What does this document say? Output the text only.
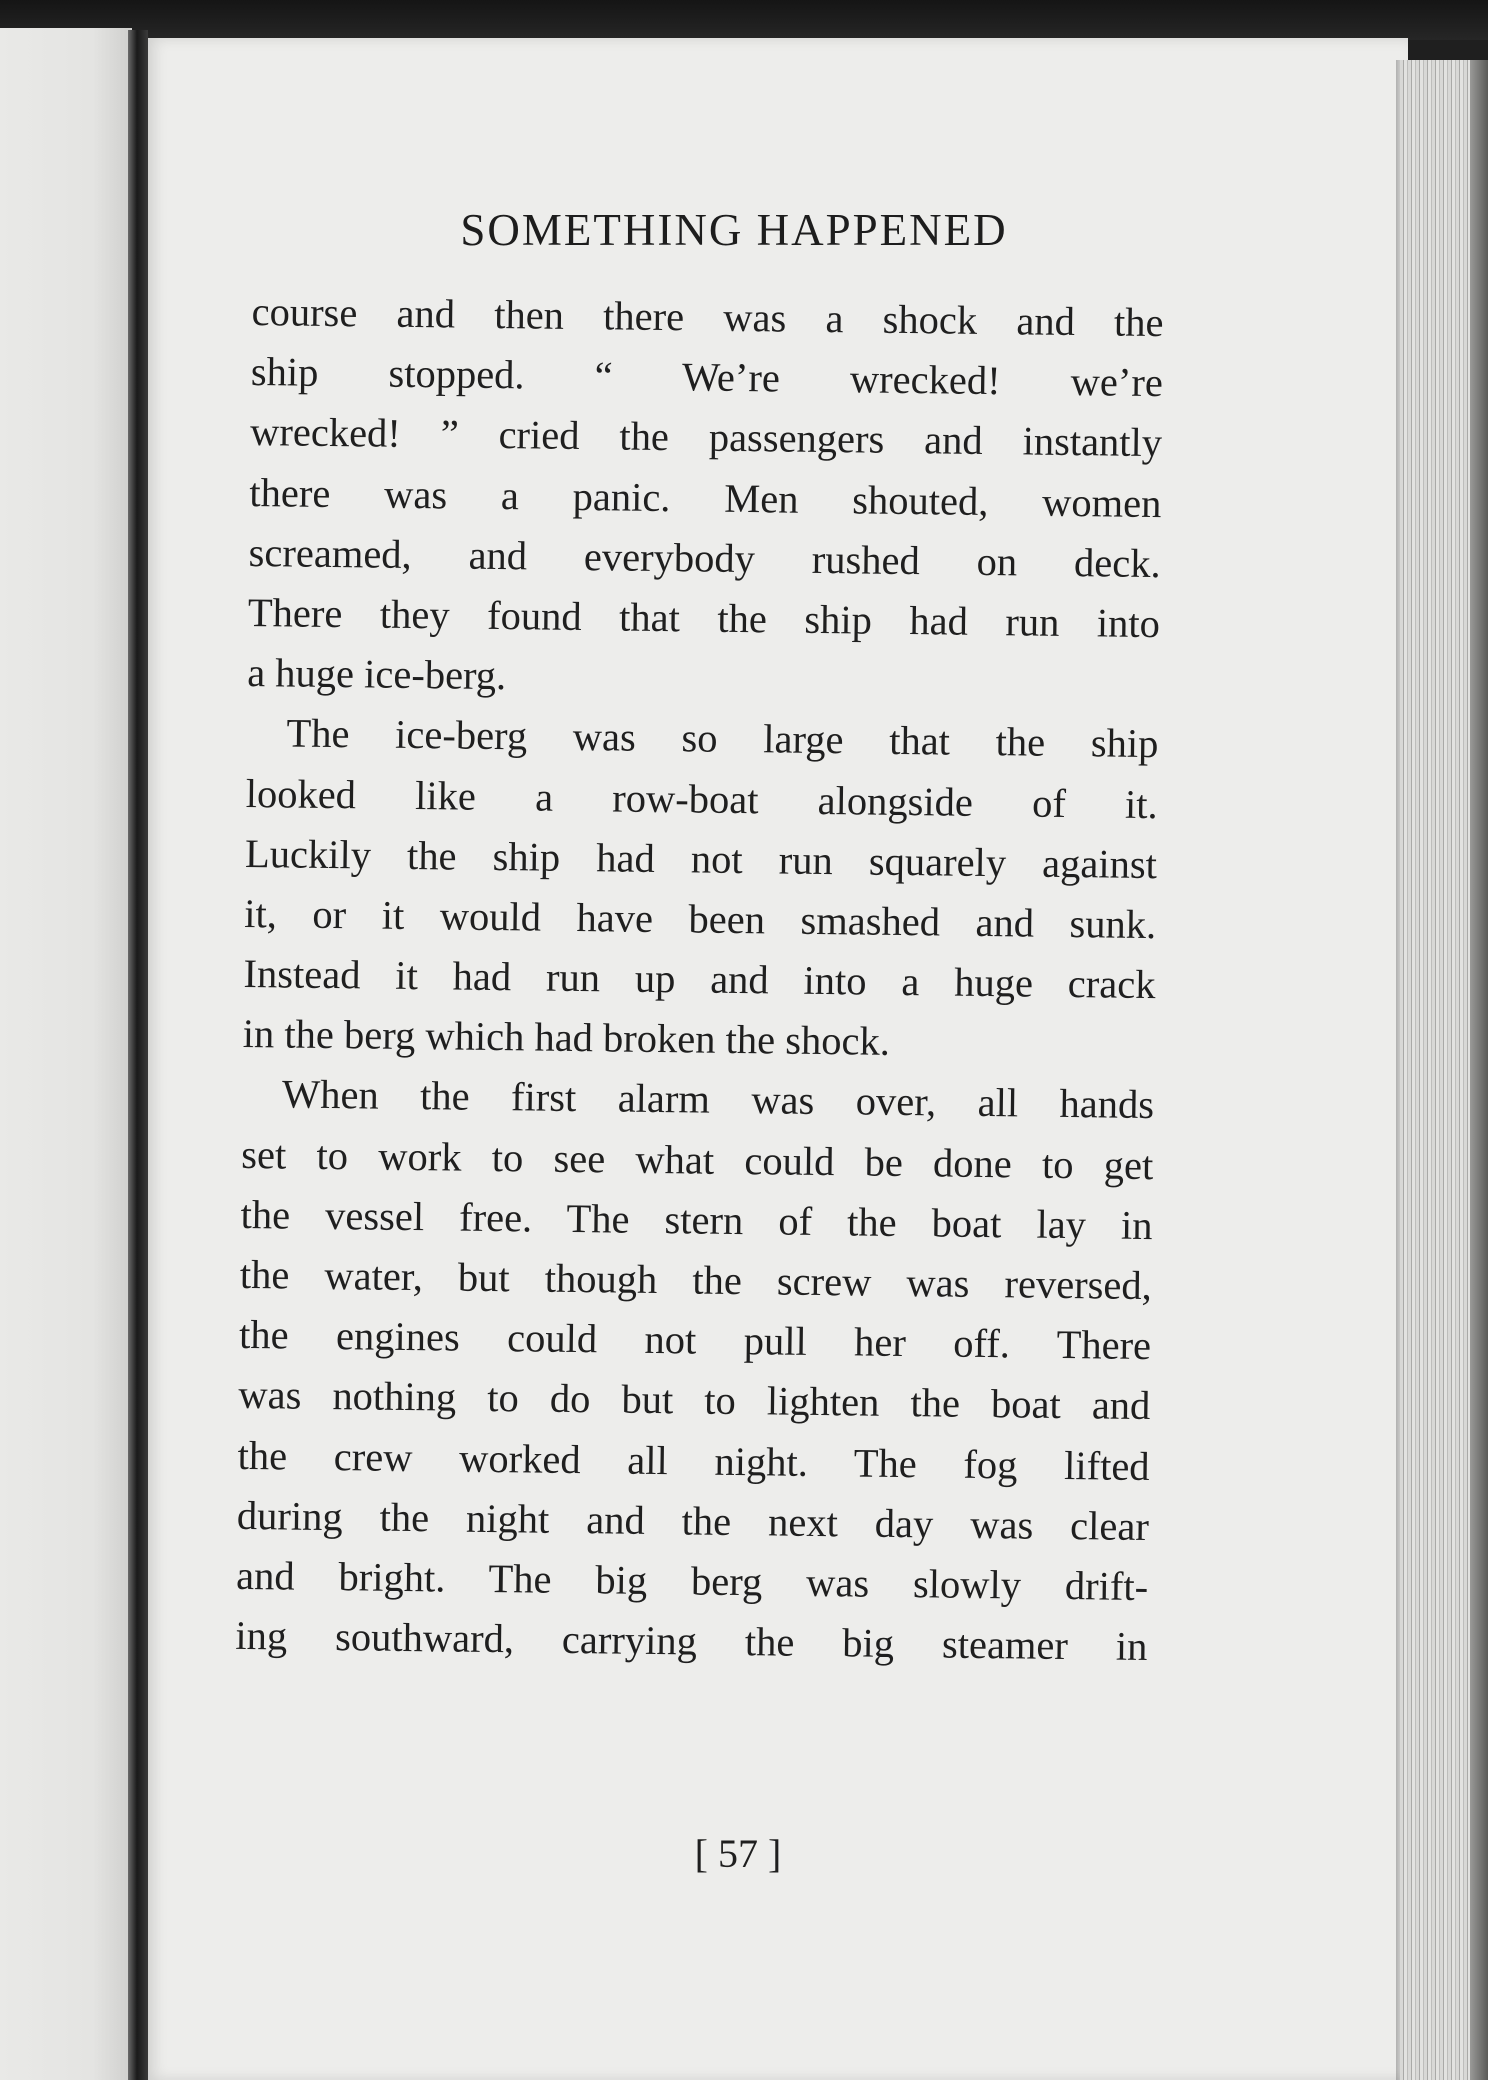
SOMETHING HAPPENED
course and then there was a shock and the
ship stopped. “ We’re wrecked! we’re
wrecked! ” cried the passengers and instantly
there was a panic. Men shouted, women
screamed, and everybody rushed on deck.
There they found that the ship had run into
a huge ice-berg.
The ice-berg was so large that the ship
looked like a row-boat alongside of it.
Luckily the ship had not run squarely against
it, or it would have been smashed and sunk.
Instead it had run up and into a huge crack
in the berg which had broken the shock.
When the first alarm was over, all hands
set to work to see what could be done to get
the vessel free. The stern of the boat lay in
the water, but though the screw was reversed,
the engines could not pull her off. There
was nothing to do but to lighten the boat and
the crew worked all night. The fog lifted
during the night and the next day was clear
and bright. The big berg was slowly drift-
ing southward, carrying the big steamer in
[ 57 ]
